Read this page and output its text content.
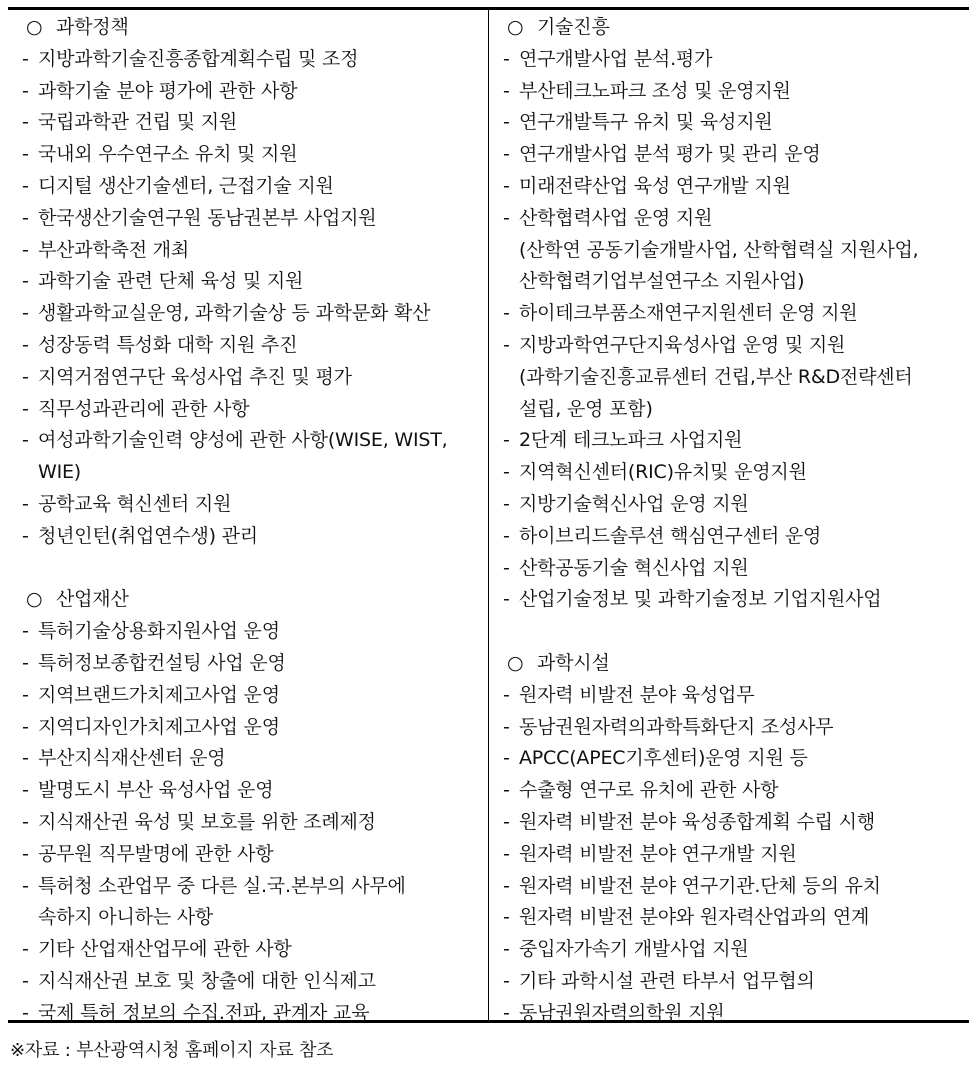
○ 과학정책
- 지방과학기술진흥종합계획수립 및 조정
- 과학기술 분야 평가에 관한 사항
- 국립과학관 건립 및 지원
- 국내외 우수연구소 유치 및 지원
- 디지털 생산기술센터, 근접기술 지원
- 한국생산기술연구원 동남권본부 사업지원
- 부산과학축전 개최
- 과학기술 관련 단체 육성 및 지원
- 생활과학교실운영, 과학기술상 등 과학문화 확산
- 성장동력 특성화 대학 지원 추진
- 지역거점연구단 육성사업 추진 및 평가
- 직무성과관리에 관한 사항
- 여성과학기술인력 양성에 관한 사항(WISE, WIST,
WIE)
- 공학교육 혁신센터 지원
- 청년인턴(취업연수생) 관리
○ 산업재산
- 특허기술상용화지원사업 운영
- 특허정보종합컨설팅 사업 운영
- 지역브랜드가치제고사업 운영
- 지역디자인가치제고사업 운영
- 부산지식재산센터 운영
- 발명도시 부산 육성사업 운영
- 지식재산권 육성 및 보호를 위한 조례제정
- 공무원 직무발명에 관한 사항
- 특허청 소관업무 중 다른 실.국.본부의 사무에
속하지 아니하는 사항
- 기타 산업재산업무에 관한 사항
- 지식재산권 보호 및 창출에 대한 인식제고
- 국제 특허 정보의 수집.전파, 관계자 교육
○ 기술진흥
- 연구개발사업 분석.평가
- 부산테크노파크 조성 및 운영지원
- 연구개발특구 유치 및 육성지원
- 연구개발사업 분석 평가 및 관리 운영
- 미래전략산업 육성 연구개발 지원
- 산학협력사업 운영 지원
(산학연 공동기술개발사업, 산학협력실 지원사업,
산학협력기업부설연구소 지원사업)
- 하이테크부품소재연구지원센터 운영 지원
- 지방과학연구단지육성사업 운영 및 지원
(과학기술진흥교류센터 건립,부산 R&D전략센터
설립, 운영 포함)
- 2단계 테크노파크 사업지원
- 지역혁신센터(RIC)유치및 운영지원
- 지방기술혁신사업 운영 지원
- 하이브리드솔루션 핵심연구센터 운영
- 산학공동기술 혁신사업 지원
- 산업기술정보 및 과학기술정보 기업지원사업
○ 과학시설
- 원자력 비발전 분야 육성업무
- 동남권원자력의과학특화단지 조성사무
- APCC(APEC기후센터)운영 지원 등
- 수출형 연구로 유치에 관한 사항
- 원자력 비발전 분야 육성종합계획 수립 시행
- 원자력 비발전 분야 연구개발 지원
- 원자력 비발전 분야 연구기관.단체 등의 유치
- 원자력 비발전 분야와 원자력산업과의 연계
- 중입자가속기 개발사업 지원
- 기타 과학시설 관련 타부서 업무협의
- 동남권원자력의학원 지원
※자료 : 부산광역시청 홈페이지 자료 참조
